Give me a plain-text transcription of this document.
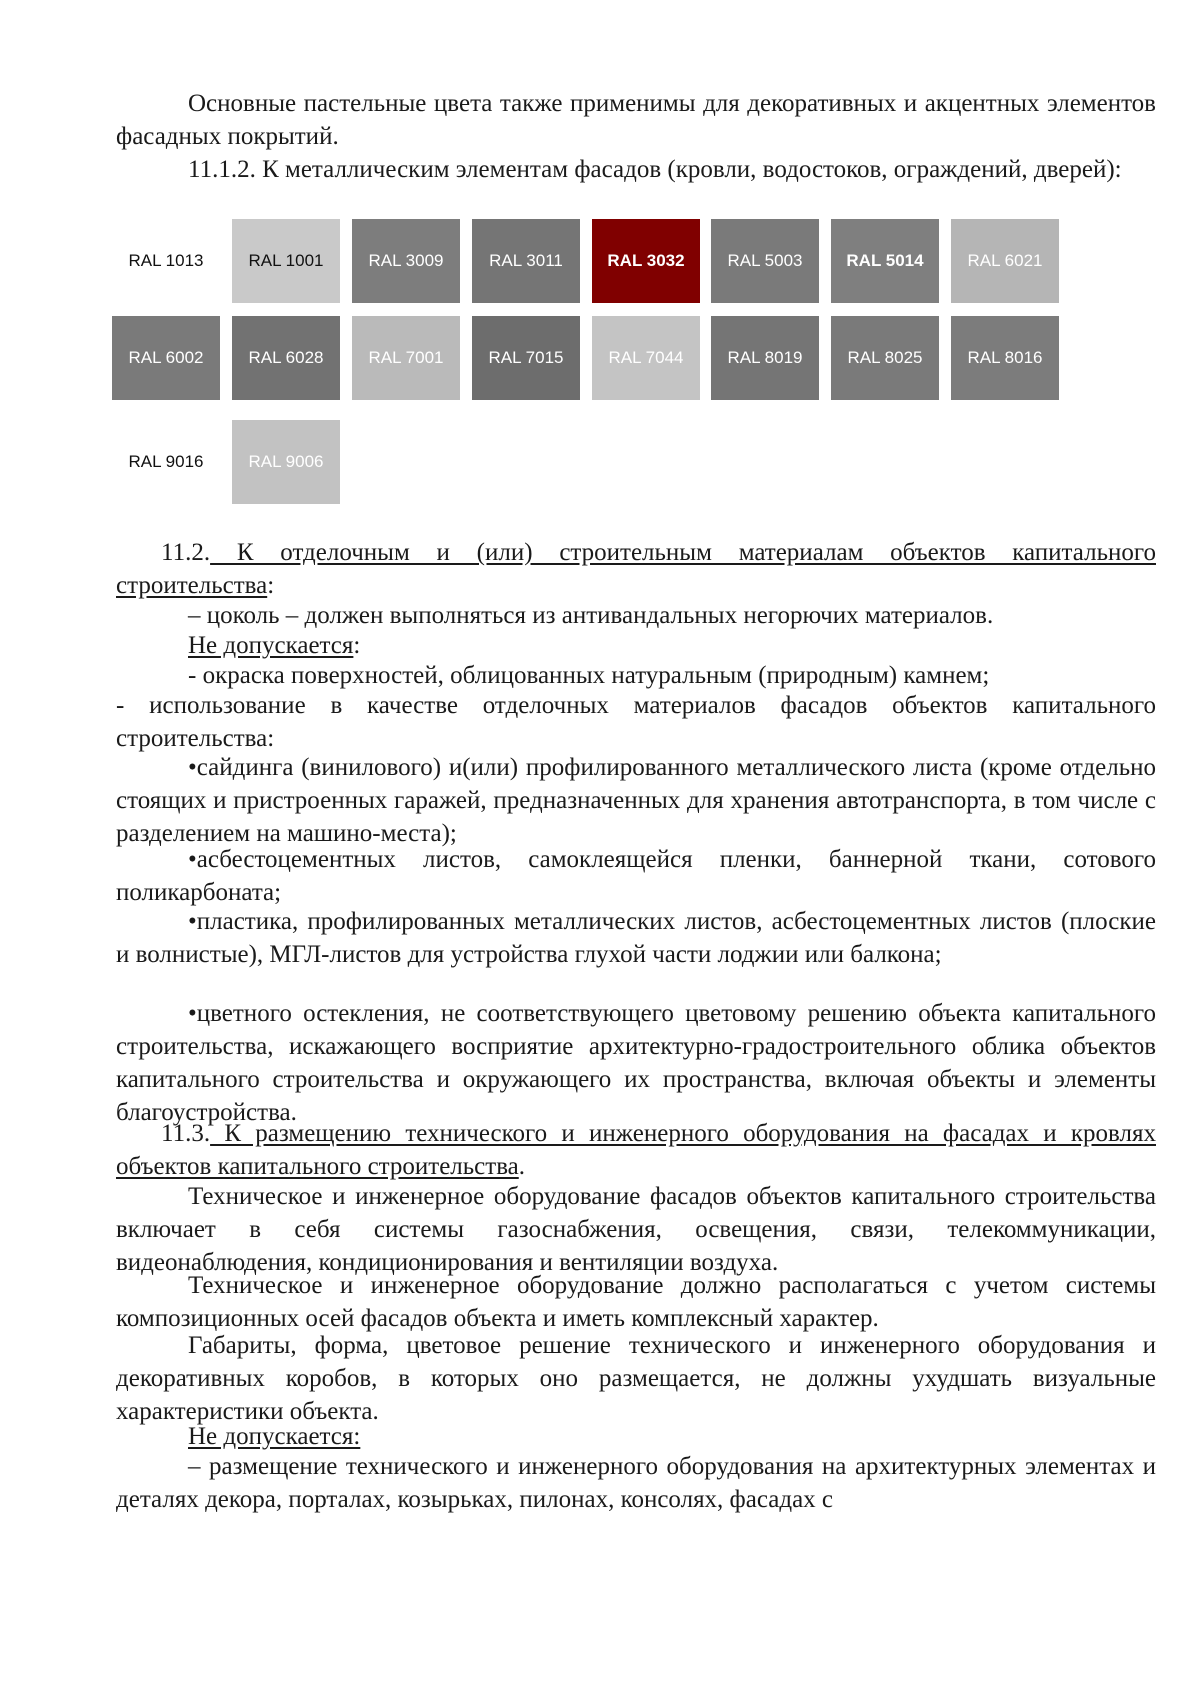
Основные пастельные цвета также применимы для декоративных и акцентных элементов фасадных покрытий.

11.1.2. К металлическим элементам фасадов (кровли, водостоков, ограждений, дверей):

RAL 1013	RAL 1001	RAL 3009	RAL 3011	RAL 3032	RAL 5003	RAL 5014	RAL 6021
RAL 6002	RAL 6028	RAL 7001	RAL 7015	RAL 7044	RAL 8019	RAL 8025	RAL 8016
RAL 9016	RAL 9006

11.2. К отделочным и (или) строительным материалам объектов капитального строительства:

– цоколь – должен выполняться из антивандальных негорючих материалов.

Не допускается:

- окраска поверхностей, облицованных натуральным (природным) камнем;

- использование в качестве отделочных материалов фасадов объектов капитального строительства:

•сайдинга (винилового) и(или) профилированного металлического листа (кроме отдельно стоящих и пристроенных гаражей, предназначенных для хранения автотранспорта, в том числе с разделением на машино-места);

•асбестоцементных листов, самоклеящейся пленки, баннерной ткани, сотового поликарбоната;

•пластика, профилированных металлических листов, асбестоцементных листов (плоские и волнистые), МГЛ-листов для устройства глухой части лоджии или балкона;

•цветного остекления, не соответствующего цветовому решению объекта капитального строительства, искажающего восприятие архитектурно-градостроительного облика объектов капитального строительства и окружающего их пространства, включая объекты и элементы благоустройства.

11.3. К размещению технического и инженерного оборудования на фасадах и кровлях объектов капитального строительства.

Техническое и инженерное оборудование фасадов объектов капитального строительства включает в себя системы газоснабжения, освещения, связи, телекоммуникации, видеонаблюдения, кондиционирования и вентиляции воздуха.

Техническое и инженерное оборудование должно располагаться с учетом системы композиционных осей фасадов объекта и иметь комплексный характер.

Габариты, форма, цветовое решение технического и инженерного оборудования и декоративных коробов, в которых оно размещается, не должны ухудшать визуальные характеристики объекта.

Не допускается:

– размещение технического и инженерного оборудования на архитектурных элементах и деталях декора, порталах, козырьках, пилонах, консолях, фасадах с
